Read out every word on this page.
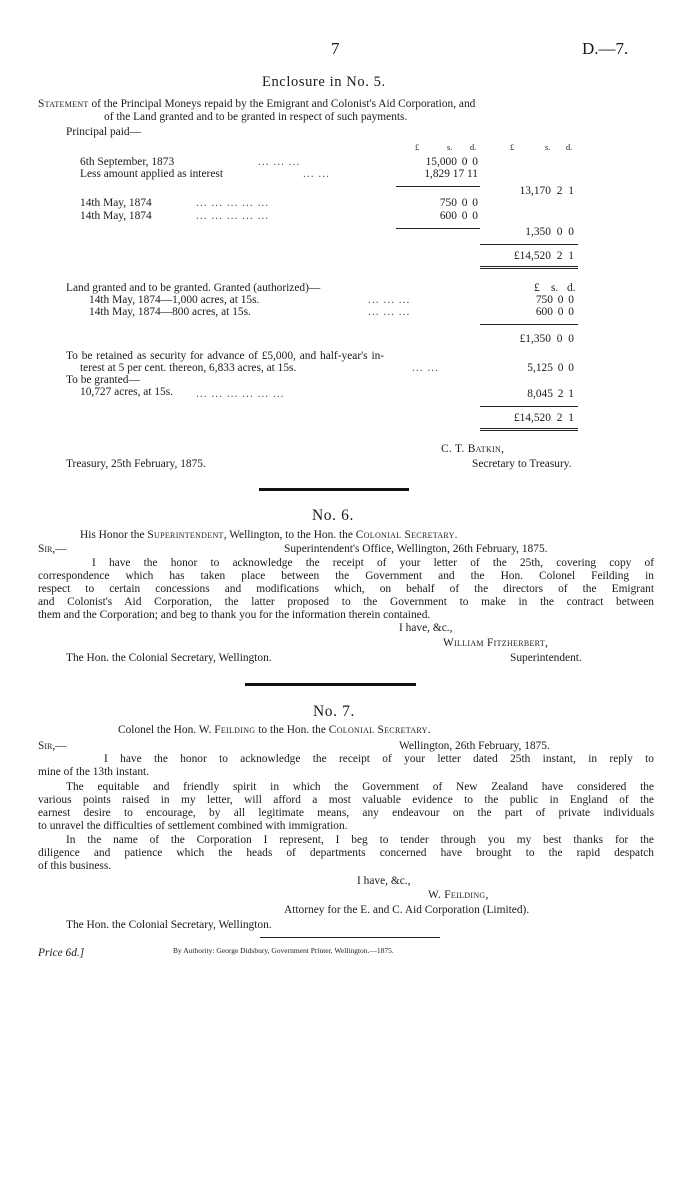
7	D.—7.
Enclosure in No. 5.
Statement of the Principal Moneys repaid by the Emigrant and Colonist's Aid Corporation, and
of the Land granted and to be granted in respect of such payments.
Principal paid—
£	s. d.	£	s. d.
6th September, 1873	... ... ...	15,000 0 0
Less amount applied as interest	... ...	1,829 17 11
13,170 2 1
14th May, 1874	... ... ... ... ...	750 0 0
14th May, 1874	... ... ... ... ...	600 0 0
1,350 0 0
£14,520 2 1
Land granted and to be granted. Granted (authorized)—	£ s. d.
14th May, 1874—1,000 acres, at 15s.	... ... ...	750 0 0
14th May, 1874—800 acres, at 15s.	... ... ...	600 0 0
£1,350 0 0
To be retained as security for advance of £5,000, and half-year's in-
terest at 5 per cent. thereon, 6,833 acres, at 15s.	... ...	5,125 0 0
To be granted—
10,727 acres, at 15s. ... ... ... ... ... ...	8,045 2 1
£14,520 2 1
C. T. Batkin,
Treasury, 25th February, 1875.	Secretary to Treasury.
No. 6.
His Honor the Superintendent, Wellington, to the Hon. the Colonial Secretary.
Sir,—	Superintendent's Office, Wellington, 26th February, 1875.
I have the honor to acknowledge the receipt of your letter of the 25th, covering copy of
correspondence which has taken place between the Government and the Hon. Colonel Feilding in
respect to certain concessions and modifications which, on behalf of the directors of the Emigrant
and Colonist's Aid Corporation, the latter proposed to the Government to make in the contract between
them and the Corporation; and beg to thank you for the information therein contained.
I have, &c.,
William Fitzherbert,
The Hon. the Colonial Secretary, Wellington.	Superintendent.
No. 7.
Colonel the Hon. W. Feilding to the Hon. the Colonial Secretary.
Sir,—	Wellington, 26th February, 1875.
I have the honor to acknowledge the receipt of your letter dated 25th instant, in reply to
mine of the 13th instant.
The equitable and friendly spirit in which the Government of New Zealand have considered the
various points raised in my letter, will afford a most valuable evidence to the public in England of the
earnest desire to encourage, by all legitimate means, any endeavour on the part of private individuals
to unravel the difficulties of settlement combined with immigration.
In the name of the Corporation I represent, I beg to tender through you my best thanks for the
diligence and patience which the heads of departments concerned have brought to the rapid despatch
of this business.
I have, &c.,
W. Feilding,
Attorney for the E. and C. Aid Corporation (Limited).
The Hon. the Colonial Secretary, Wellington.
By Authority: George Didsbury, Government Printer, Wellington.—1875.
Price 6d.]
